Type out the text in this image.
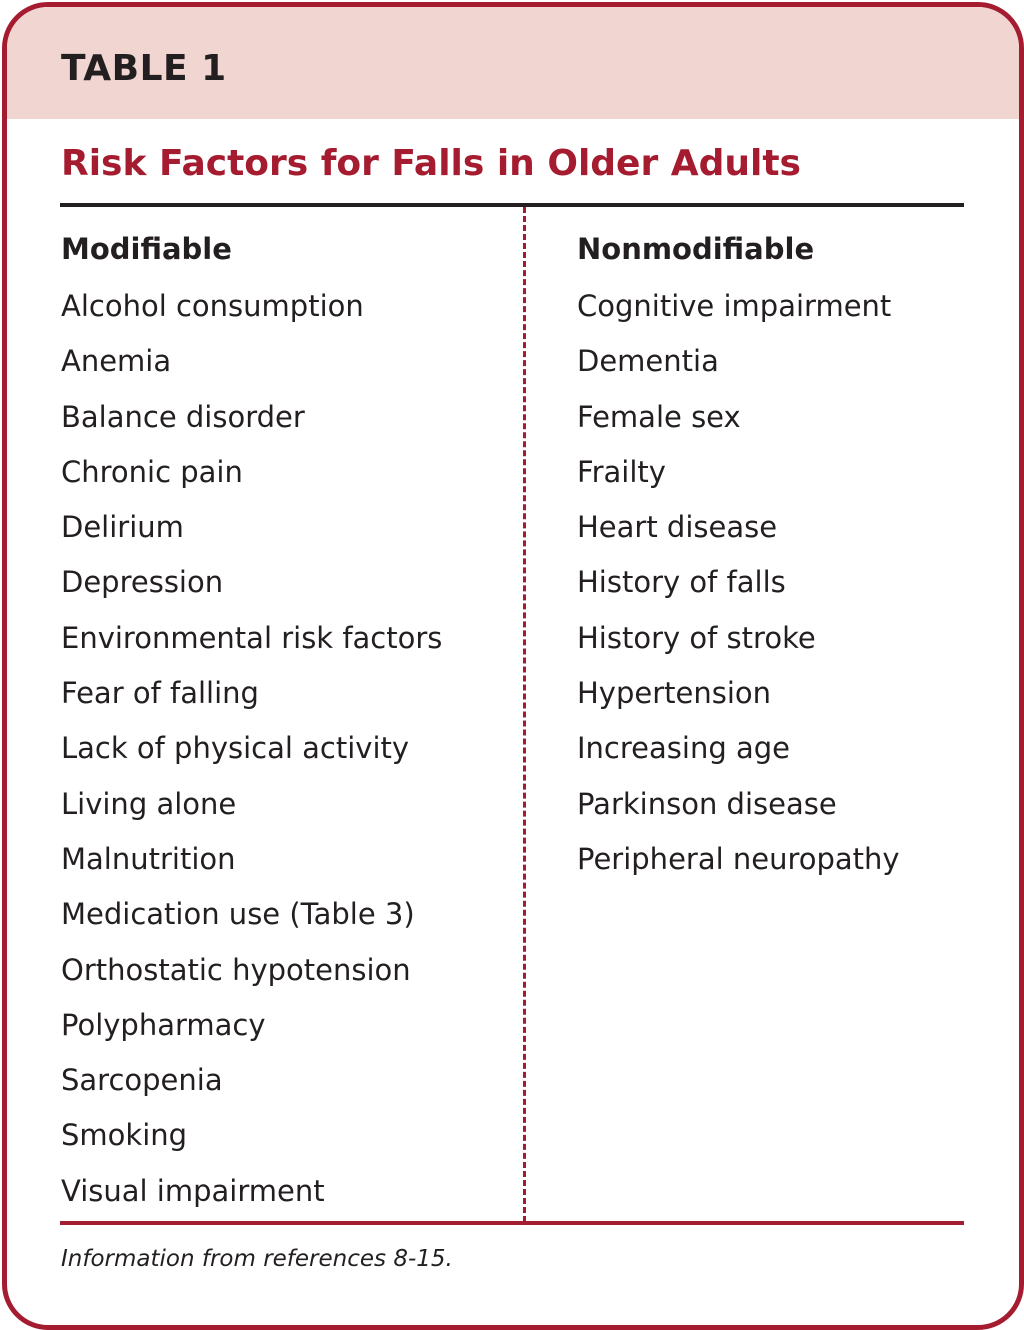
TABLE 1
Risk Factors for Falls in Older Adults
Modifiable
Alcohol consumption
Anemia
Balance disorder
Chronic pain
Delirium
Depression
Environmental risk factors
Fear of falling
Lack of physical activity
Living alone
Malnutrition
Medication use (Table 3)
Orthostatic hypotension
Polypharmacy
Sarcopenia
Smoking
Visual impairment
Nonmodifiable
Cognitive impairment
Dementia
Female sex
Frailty
Heart disease
History of falls
History of stroke
Hypertension
Increasing age
Parkinson disease
Peripheral neuropathy
Information from references 8-15.
